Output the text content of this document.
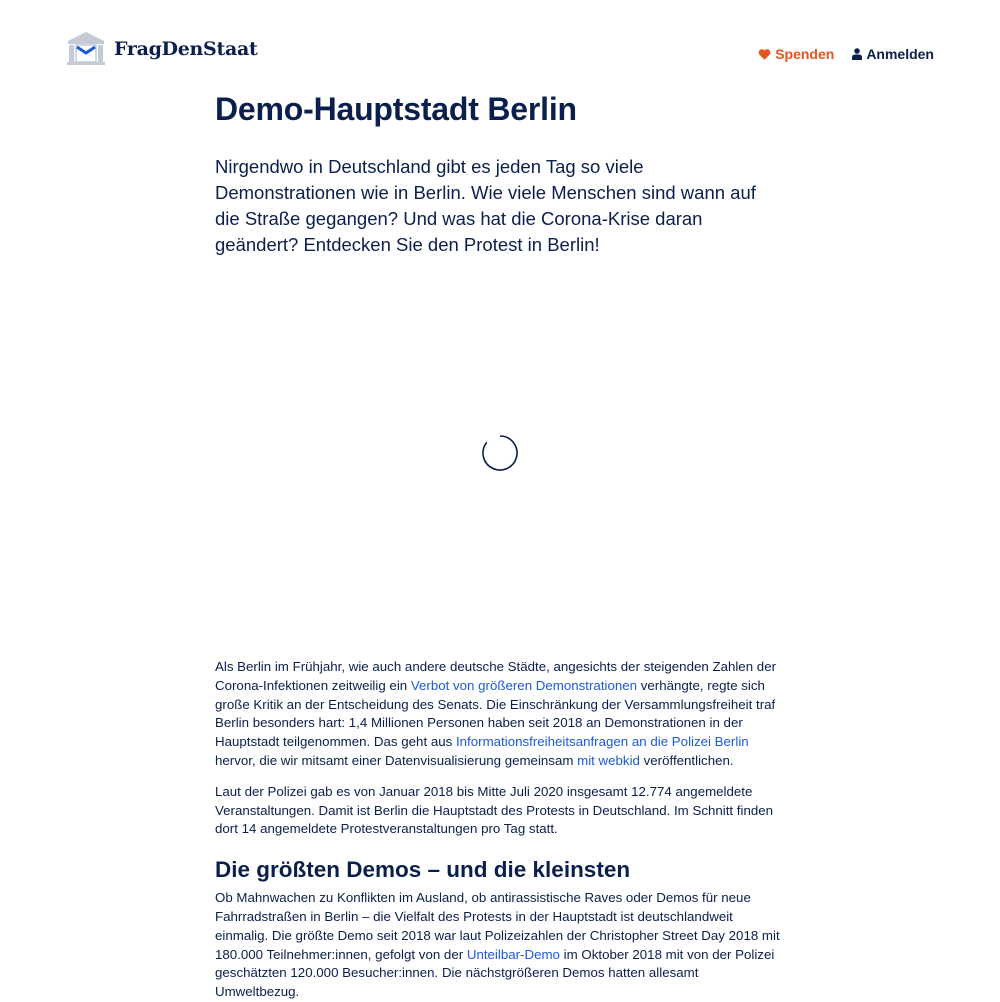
FragDenStaat	Spenden Anmelden
Demo-Hauptstadt Berlin

Nirgendwo in Deutschland gibt es jeden Tag so viele Demonstrationen wie in Berlin. Wie viele Menschen sind wann auf die Straße gegangen? Und was hat die Corona-Krise daran geändert? Entdecken Sie den Protest in Berlin!

Als Berlin im Frühjahr, wie auch andere deutsche Städte, angesichts der steigenden Zahlen der Corona-Infektionen zeitweilig ein Verbot von größeren Demonstrationen verhängte, regte sich große Kritik an der Entscheidung des Senats. Die Einschränkung der Versammlungsfreiheit traf Berlin besonders hart: 1,4 Millionen Personen haben seit 2018 an Demonstrationen in der Hauptstadt teilgenommen. Das geht aus Informationsfreiheitsanfragen an die Polizei Berlin hervor, die wir mitsamt einer Datenvisualisierung gemeinsam mit webkid veröffentlichen.

Laut der Polizei gab es von Januar 2018 bis Mitte Juli 2020 insgesamt 12.774 angemeldete Veranstaltungen. Damit ist Berlin die Hauptstadt des Protests in Deutschland. Im Schnitt finden dort 14 angemeldete Protestveranstaltungen pro Tag statt.

Die größten Demos – und die kleinsten

Ob Mahnwachen zu Konflikten im Ausland, ob antirassistische Raves oder Demos für neue Fahrradstraßen in Berlin – die Vielfalt des Protests in der Hauptstadt ist deutschlandweit einmalig. Die größte Demo seit 2018 war laut Polizeizahlen der Christopher Street Day 2018 mit 180.000 Teilnehmer:innen, gefolgt von der Unteilbar-Demo im Oktober 2018 mit von der Polizei geschätzten 120.000 Besucher:innen. Die nächstgrößeren Demos hatten allesamt Umweltbezug.
